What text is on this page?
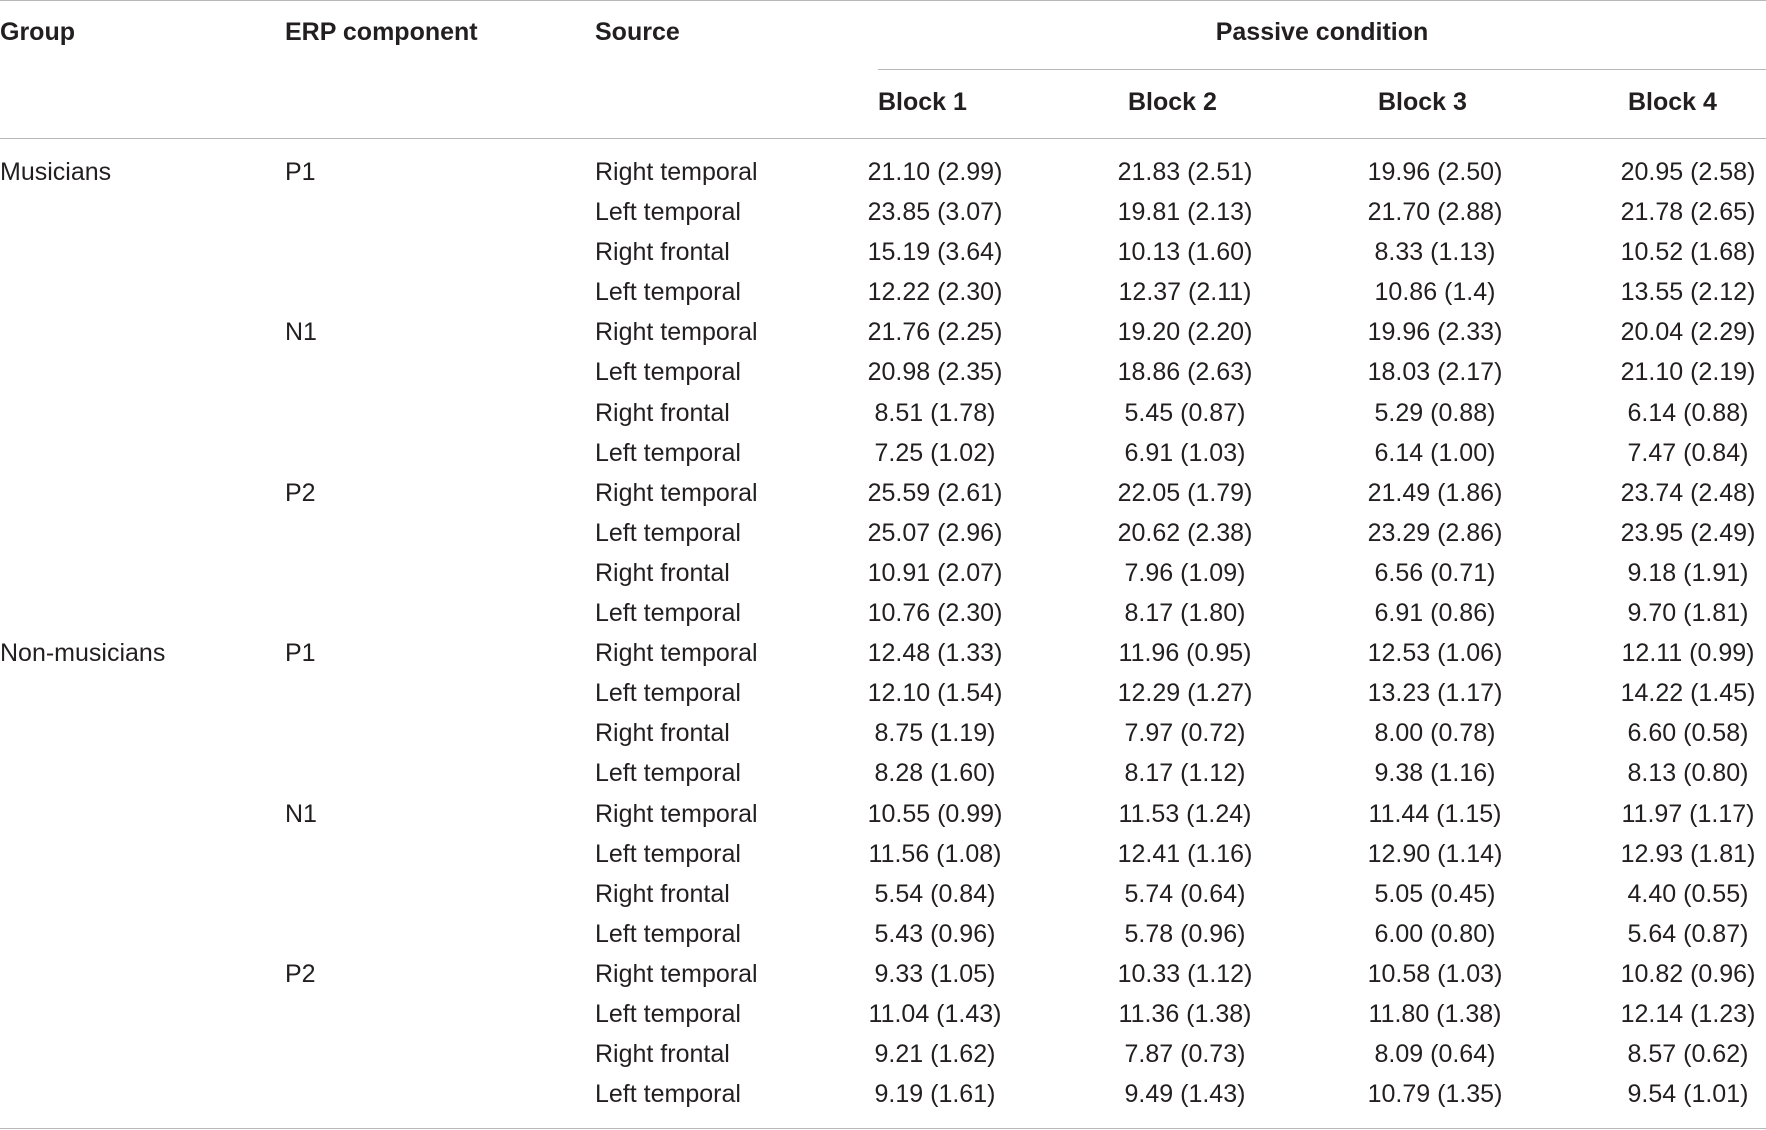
Group	ERP component	Source	Passive condition
Block 1	Block 2	Block 3	Block 4
Musicians	P1	Right temporal	21.10 (2.99)	21.83 (2.51)	19.96 (2.50)	20.95 (2.58)
Left temporal	23.85 (3.07)	19.81 (2.13)	21.70 (2.88)	21.78 (2.65)
Right frontal	15.19 (3.64)	10.13 (1.60)	8.33 (1.13)	10.52 (1.68)
Left temporal	12.22 (2.30)	12.37 (2.11)	10.86 (1.4)	13.55 (2.12)
N1	Right temporal	21.76 (2.25)	19.20 (2.20)	19.96 (2.33)	20.04 (2.29)
Left temporal	20.98 (2.35)	18.86 (2.63)	18.03 (2.17)	21.10 (2.19)
Right frontal	8.51 (1.78)	5.45 (0.87)	5.29 (0.88)	6.14 (0.88)
Left temporal	7.25 (1.02)	6.91 (1.03)	6.14 (1.00)	7.47 (0.84)
P2	Right temporal	25.59 (2.61)	22.05 (1.79)	21.49 (1.86)	23.74 (2.48)
Left temporal	25.07 (2.96)	20.62 (2.38)	23.29 (2.86)	23.95 (2.49)
Right frontal	10.91 (2.07)	7.96 (1.09)	6.56 (0.71)	9.18 (1.91)
Left temporal	10.76 (2.30)	8.17 (1.80)	6.91 (0.86)	9.70 (1.81)
Non-musicians	P1	Right temporal	12.48 (1.33)	11.96 (0.95)	12.53 (1.06)	12.11 (0.99)
Left temporal	12.10 (1.54)	12.29 (1.27)	13.23 (1.17)	14.22 (1.45)
Right frontal	8.75 (1.19)	7.97 (0.72)	8.00 (0.78)	6.60 (0.58)
Left temporal	8.28 (1.60)	8.17 (1.12)	9.38 (1.16)	8.13 (0.80)
N1	Right temporal	10.55 (0.99)	11.53 (1.24)	11.44 (1.15)	11.97 (1.17)
Left temporal	11.56 (1.08)	12.41 (1.16)	12.90 (1.14)	12.93 (1.81)
Right frontal	5.54 (0.84)	5.74 (0.64)	5.05 (0.45)	4.40 (0.55)
Left temporal	5.43 (0.96)	5.78 (0.96)	6.00 (0.80)	5.64 (0.87)
P2	Right temporal	9.33 (1.05)	10.33 (1.12)	10.58 (1.03)	10.82 (0.96)
Left temporal	11.04 (1.43)	11.36 (1.38)	11.80 (1.38)	12.14 (1.23)
Right frontal	9.21 (1.62)	7.87 (0.73)	8.09 (0.64)	8.57 (0.62)
Left temporal	9.19 (1.61)	9.49 (1.43)	10.79 (1.35)	9.54 (1.01)
